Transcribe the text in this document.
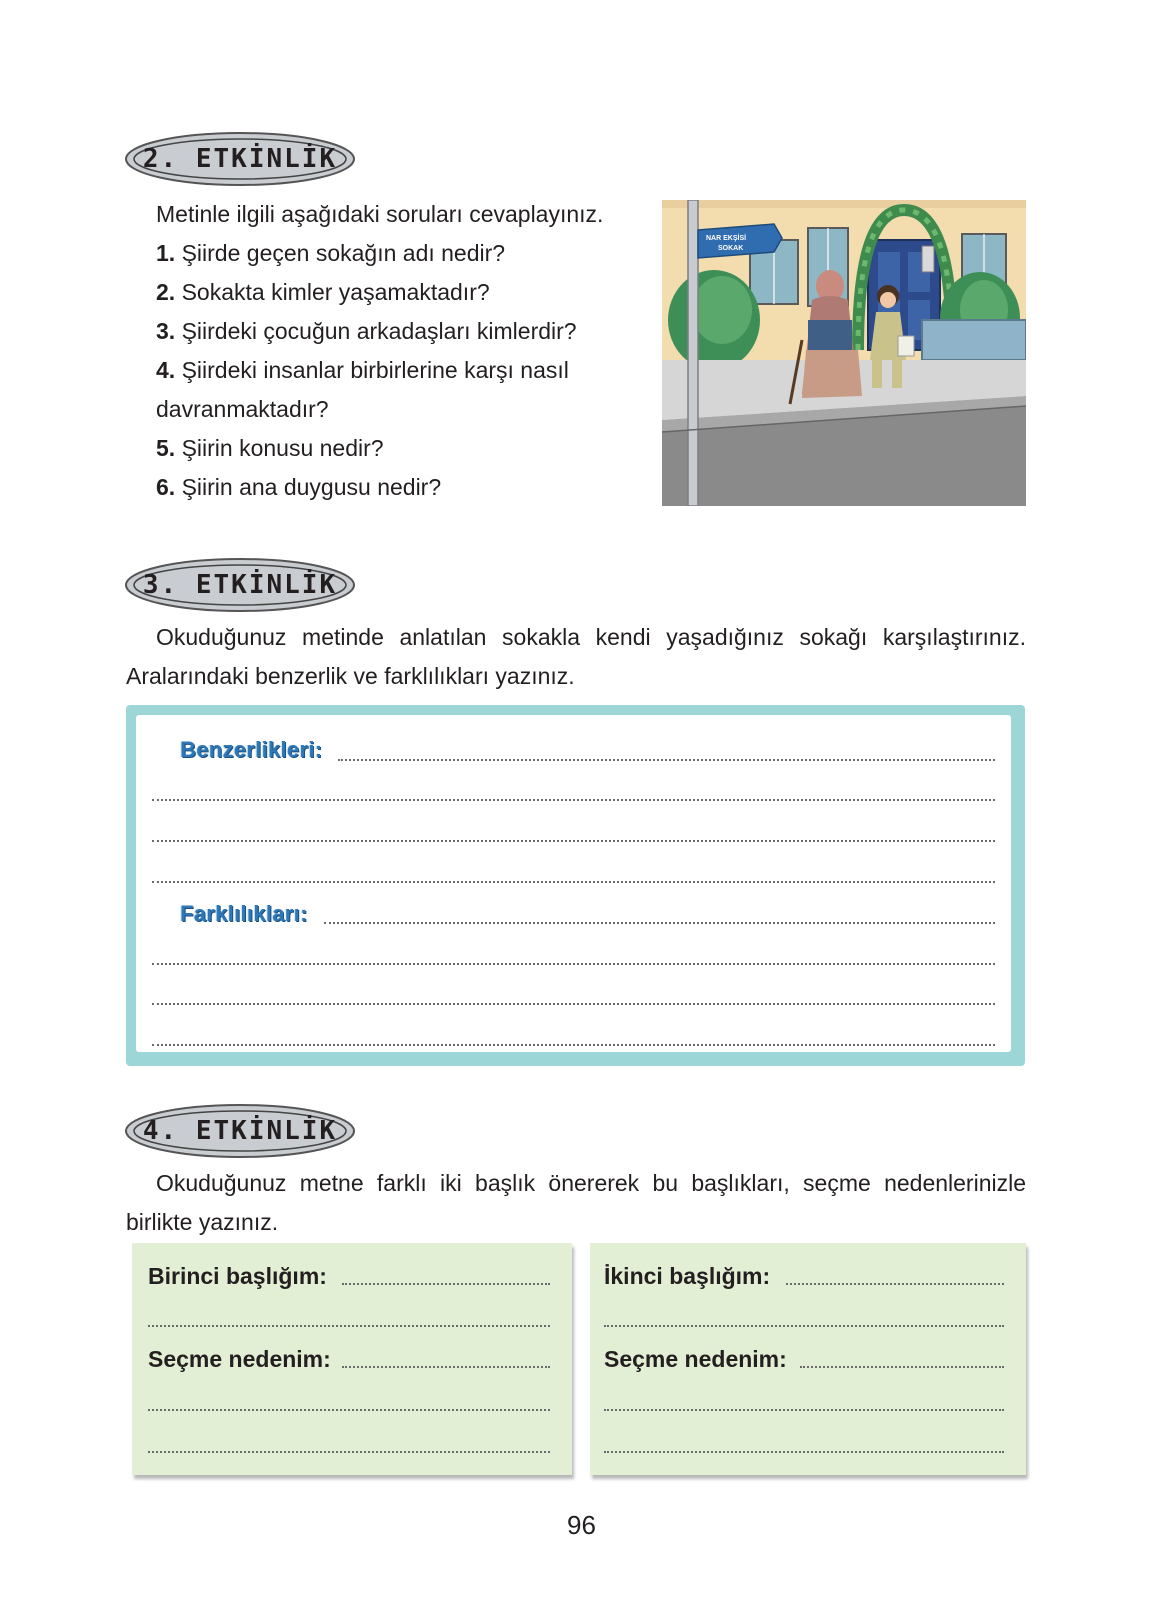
2. ETKİNLİK
Metinle ilgili aşağıdaki soruları cevaplayınız.
1. Şiirde geçen sokağın adı nedir?
2. Sokakta kimler yaşamaktadır?
3. Şiirdeki çocuğun arkadaşları kimlerdir?
4. Şiirdeki insanlar birbirlerine karşı nasıl davranmaktadır?
5. Şiirin konusu nedir?
6. Şiirin ana duygusu nedir?
NAR EKŞİSİ
SOKAK
3. ETKİNLİK
Okuduğunuz metinde anlatılan sokakla kendi yaşadığınız sokağı karşılaştırınız. Aralarındaki benzerlik ve farklılıkları yazınız.
Benzerlikleri:
Farklılıkları:
4. ETKİNLİK
Okuduğunuz metne farklı iki başlık önererek bu başlıkları, seçme nedenlerinizle birlikte yazınız.
Birinci başlığım:
Seçme nedenim:
İkinci başlığım:
Seçme nedenim:
96
